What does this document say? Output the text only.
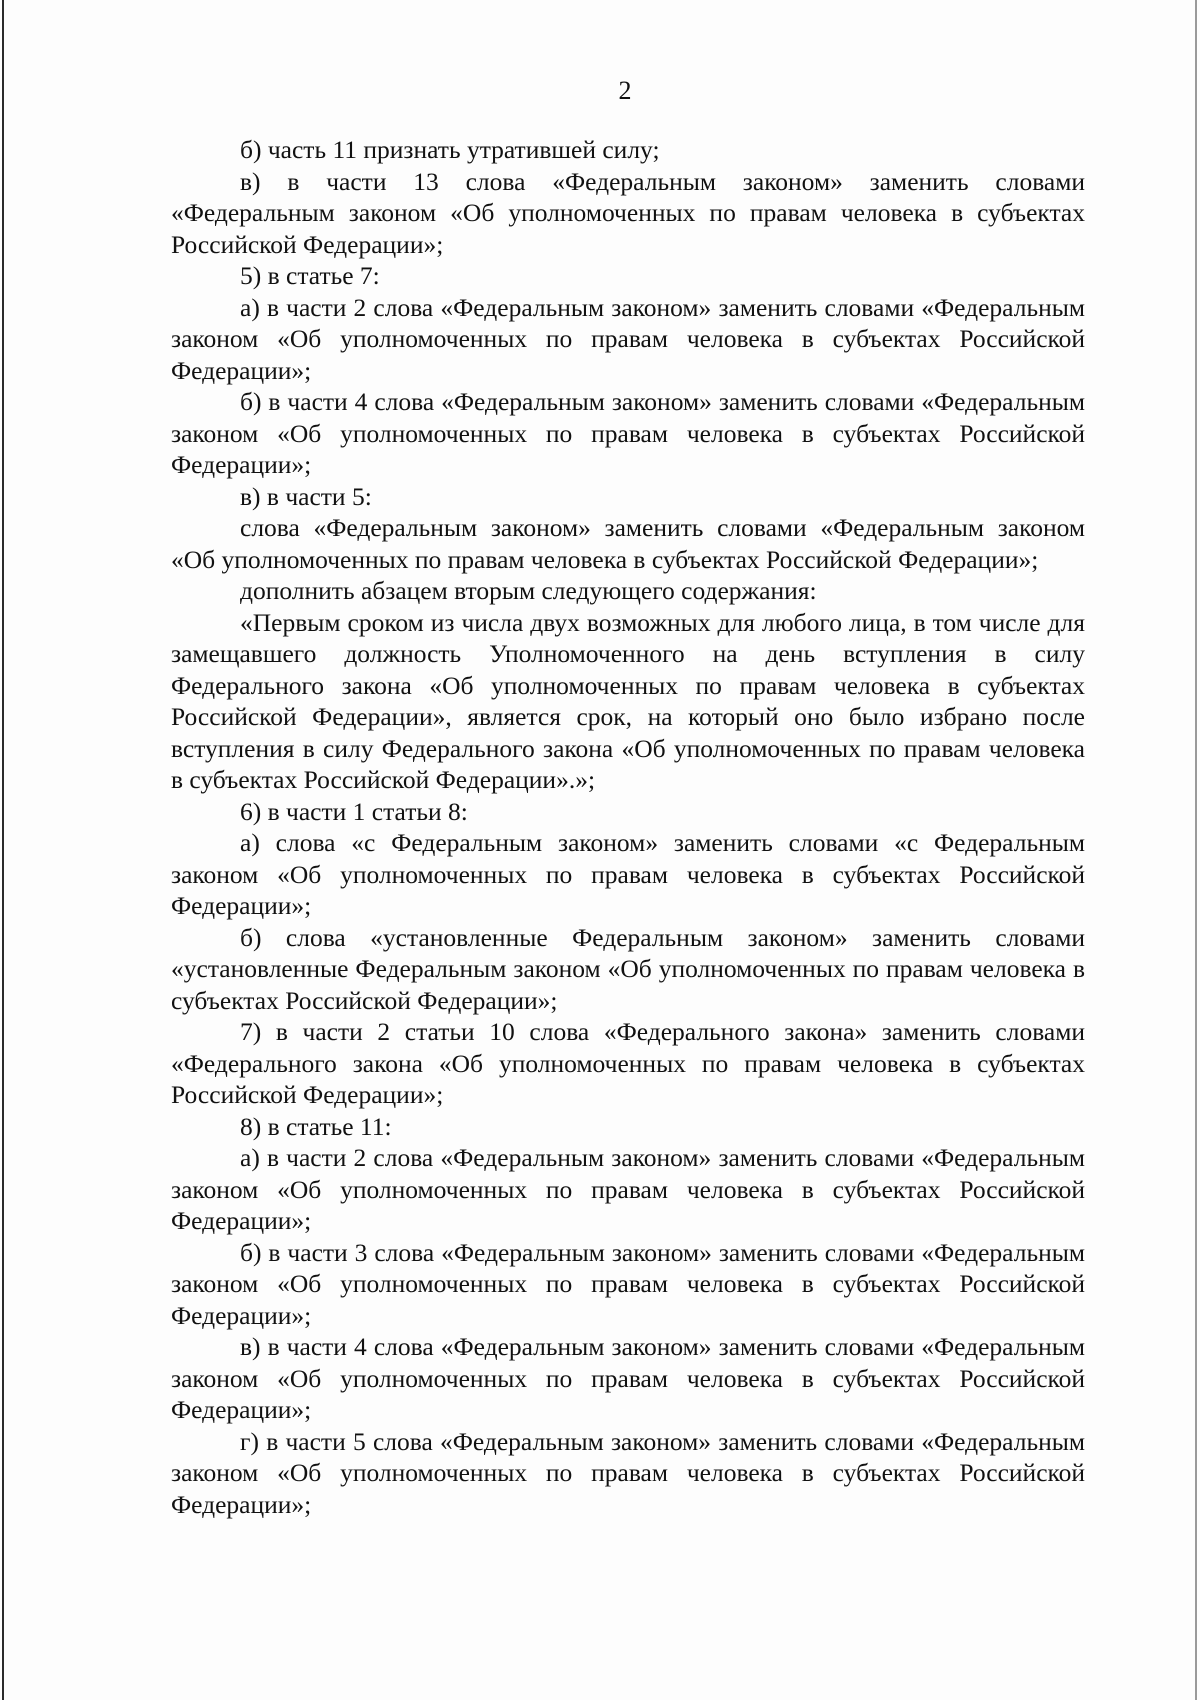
2

б) часть 11 признать утратившей силу;

в) в части 13 слова «Федеральным законом» заменить словами «Федеральным законом «Об уполномоченных по правам человека в субъектах Российской Федерации»;

5) в статье 7:

а) в части 2 слова «Федеральным законом» заменить словами «Федеральным законом «Об уполномоченных по правам человека в субъектах Российской Федерации»;

б) в части 4 слова «Федеральным законом» заменить словами «Федеральным законом «Об уполномоченных по правам человека в субъектах Российской Федерации»;

в) в части 5:

слова «Федеральным законом» заменить словами «Федеральным законом «Об уполномоченных по правам человека в субъектах Российской Федерации»;

дополнить абзацем вторым следующего содержания:

«Первым сроком из числа двух возможных для любого лица, в том числе для замещавшего должность Уполномоченного на день вступления в силу Федерального закона «Об уполномоченных по правам человека в субъектах Российской Федерации», является срок, на который оно было избрано после вступления в силу Федерального закона «Об уполномоченных по правам человека в субъектах Российской Федерации».»;

6) в части 1 статьи 8:

а) слова «с Федеральным законом» заменить словами «с Федеральным законом «Об уполномоченных по правам человека в субъектах Российской Федерации»;

б) слова «установленные Федеральным законом» заменить словами «установленные Федеральным законом «Об уполномоченных по правам человека в субъектах Российской Федерации»;

7) в части 2 статьи 10 слова «Федерального закона» заменить словами «Федерального закона «Об уполномоченных по правам человека в субъектах Российской Федерации»;

8) в статье 11:

а) в части 2 слова «Федеральным законом» заменить словами «Федеральным законом «Об уполномоченных по правам человека в субъектах Российской Федерации»;

б) в части 3 слова «Федеральным законом» заменить словами «Федеральным законом «Об уполномоченных по правам человека в субъектах Российской Федерации»;

в) в части 4 слова «Федеральным законом» заменить словами «Федеральным законом «Об уполномоченных по правам человека в субъектах Российской Федерации»;

г) в части 5 слова «Федеральным законом» заменить словами «Федеральным законом «Об уполномоченных по правам человека в субъектах Российской Федерации»;
